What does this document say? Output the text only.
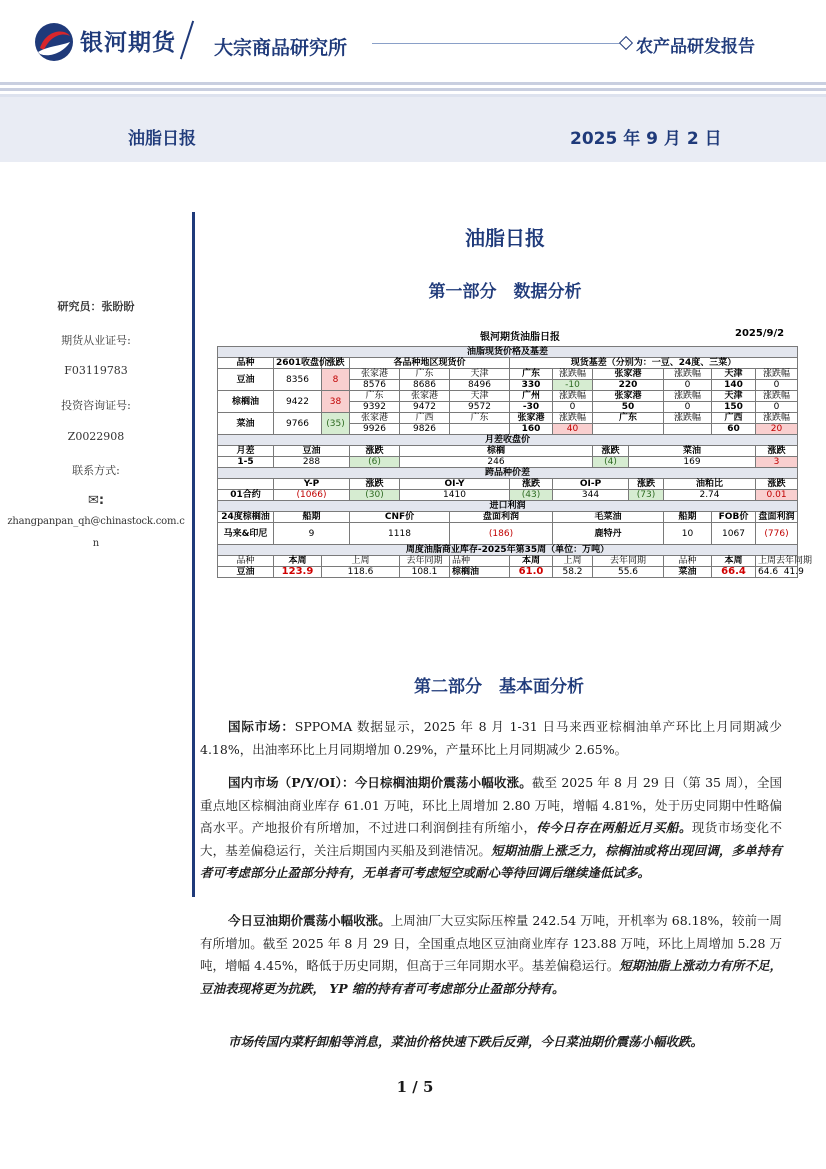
银河期货 大宗商品研究所	农产品研发报告
油脂日报	2025 年 9 月 2 日
研究员：张盼盼
期货从业证号:
F03119783
投资咨询证号:
Z0022908
联系方式:
✉:
zhangpanpan_qh@chinastock.com.c
n
油脂日报
第一部分　数据分析
银河期货油脂日报	2025/9/2
油脂现货价格及基差												
品种	2601收盘价	涨跌	各品种地区现货价			现货基差（分别为：一豆、24度、三菜）						
豆油	8356	8	张家港	广东	天津	广东	涨跌幅	张家港		涨跌幅	天津	涨跌幅
			8576	8686	8496	330	-10	220		0	140	0
棕榈油	9422	38	广东	张家港	天津	广州	涨跌幅	张家港		涨跌幅	天津	涨跌幅
			9392	9472	9572	-30	0	50		0	150	0
菜油	9766	(35)	张家港	广西	广东	张家港	涨跌幅	广东		涨跌幅	广西	涨跌幅
			9926	9826		160	40				60	20
月差收盘价												
月差	豆油		涨跌	棕榈				涨跌	菜油			涨跌
1-5	288		(6)	246				(4)	169			3
跨品种价差												
	Y-P		涨跌	OI-Y		涨跌	OI-P		涨跌	油粕比		涨跌
01合约	(1066)		(30)	1410		(43)	344		(73)	2.74		0.01
进口利润												
24度棕榈油	船期		CNF价		盘面利润		毛菜油			船期	FOB价	盘面利润
马来&印尼	9		1118		(186)		鹿特丹			10	1067	(776)
周度油脂商业库存-2025年第35周（单位：万吨）												
品种	本周	上周		去年同期	品种	本周	上周	去年同期		品种	本周	上周去年同期
豆油	123.9	118.6		108.1	棕榈油	61.0	58.2	55.6		菜油	66.4	64.6 41.9
第二部分　基本面分析
国际市场：SPPOMA 数据显示，2025 年 8 月 1-31 日马来西亚棕榈油单产环比上月同期减少 4.18%，出油率环比上月同期增加 0.29%，产量环比上月同期减少 2.65%。
国内市场（P/Y/OI）：今日棕榈油期价震荡小幅收涨。截至 2025 年 8 月 29 日（第 35 周），全国重点地区棕榈油商业库存 61.01 万吨，环比上周增加 2.80 万吨，增幅 4.81%，处于历史同期中性略偏高水平。产地报价有所增加，不过进口利润倒挂有所缩小，传今日存在两船近月买船。现货市场变化不大，基差偏稳运行，关注后期国内买船及到港情况。短期油脂上涨乏力，棕榈油或将出现回调，多单持有者可考虑部分止盈部分持有，无单者可考虑短空或耐心等待回调后继续逢低试多。
今日豆油期价震荡小幅收涨。上周油厂大豆实际压榨量 242.54 万吨，开机率为 68.18%，较前一周有所增加。截至 2025 年 8 月 29 日，全国重点地区豆油商业库存 123.88 万吨，环比上周增加 5.28 万吨，增幅 4.45%，略低于历史同期，但高于三年同期水平。基差偏稳运行。短期油脂上涨动力有所不足，豆油表现将更为抗跌， YP 缩的持有者可考虑部分止盈部分持有。
市场传国内菜籽卸船等消息，菜油价格快速下跌后反弹，今日菜油期价震荡小幅收跌。
1 / 5
